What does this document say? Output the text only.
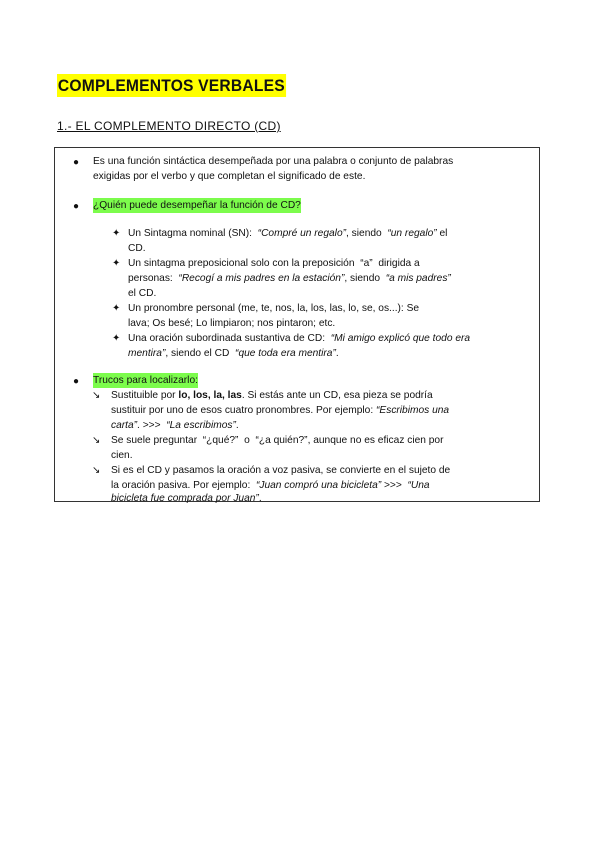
COMPLEMENTOS VERBALES
1.- EL COMPLEMENTO DIRECTO (CD)
● Es una función sintáctica desempeñada por una palabra o conjunto de palabras
exigidas por el verbo y que completan el significado de este.
● ¿Quién puede desempeñar la función de CD?
✦ Un Sintagma nominal (SN): “Compré un regalo”, siendo “un regalo” el
CD.
✦ Un sintagma preposicional solo con la preposición “a” dirigida a
personas: “Recogí a mis padres en la estación”, siendo “a mis padres”
el CD.
✦ Un pronombre personal (me, te, nos, la, los, las, lo, se, os...): Se
lava; Os besé; Lo limpiaron; nos pintaron; etc.
✦ Una oración subordinada sustantiva de CD: “Mi amigo explicó que todo era
mentira”, siendo el CD “que toda era mentira”.
● Trucos para localizarlo:
↘ Sustituible por lo, los, la, las. Si estás ante un CD, esa pieza se podría
sustituir por uno de esos cuatro pronombres. Por ejemplo: “Escribimos una
carta”. >>> “La escribimos”.
↘ Se suele preguntar “¿qué?” o “¿a quién?”, aunque no es eficaz cien por
cien.
↘ Si es el CD y pasamos la oración a voz pasiva, se convierte en el sujeto de
la oración pasiva. Por ejemplo: “Juan compró una bicicleta” >>> “Una
bicicleta fue comprada por Juan”.
